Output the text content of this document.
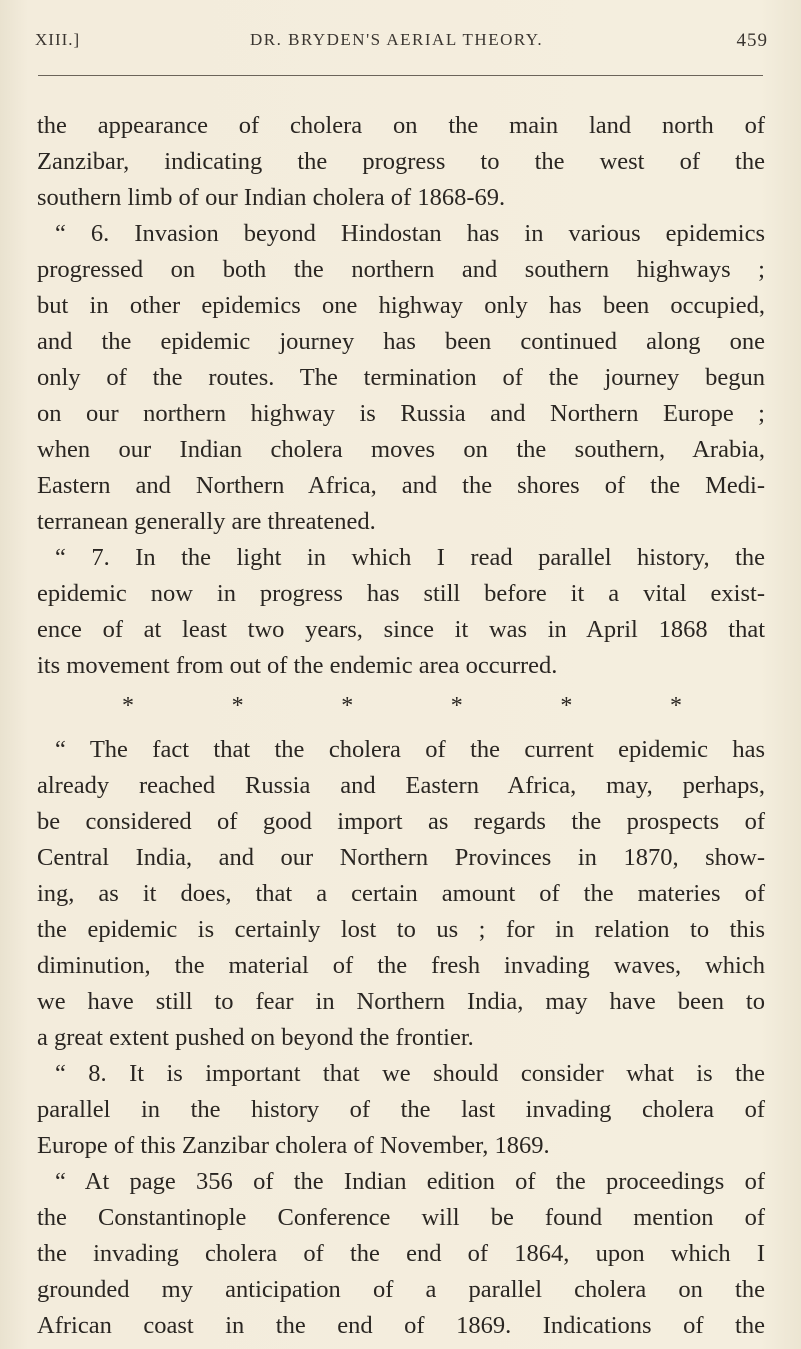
XIII.]	DR. BRYDEN'S AERIAL THEORY.	459
the appearance of cholera on the main land north of
Zanzibar, indicating the progress to the west of the
southern limb of our Indian cholera of 1868-69.
“ 6. Invasion beyond Hindostan has in various epidemics
progressed on both the northern and southern highways ;
but in other epidemics one highway only has been occupied,
and the epidemic journey has been continued along one
only of the routes. The termination of the journey begun
on our northern highway is Russia and Northern Europe ;
when our Indian cholera moves on the southern, Arabia,
Eastern and Northern Africa, and the shores of the Medi-
terranean generally are threatened.
“ 7. In the light in which I read parallel history, the
epidemic now in progress has still before it a vital exist-
ence of at least two years, since it was in April 1868 that
its movement from out of the endemic area occurred.
*	*	*	*	*	*
“ The fact that the cholera of the current epidemic has
already reached Russia and Eastern Africa, may, perhaps,
be considered of good import as regards the prospects of
Central India, and our Northern Provinces in 1870, show-
ing, as it does, that a certain amount of the materies of
the epidemic is certainly lost to us ; for in relation to this
diminution, the material of the fresh invading waves, which
we have still to fear in Northern India, may have been to
a great extent pushed on beyond the frontier.
“ 8. It is important that we should consider what is the
parallel in the history of the last invading cholera of
Europe of this Zanzibar cholera of November, 1869.
“ At page 356 of the Indian edition of the proceedings of
the Constantinople Conference will be found mention of
the invading cholera of the end of 1864, upon which I
grounded my anticipation of a parallel cholera on the
African coast in the end of 1869. Indications of the
